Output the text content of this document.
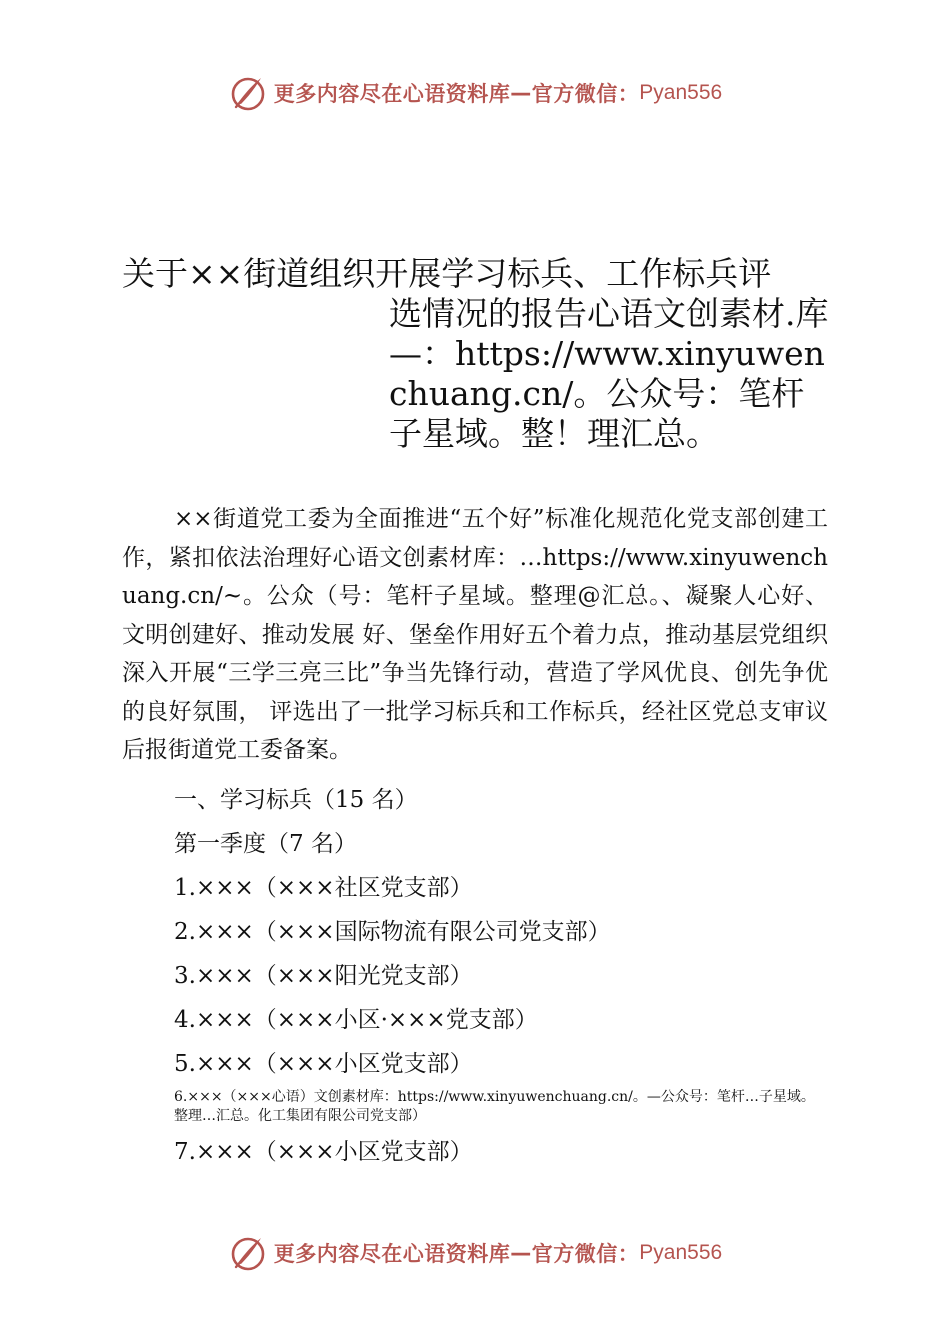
更多内容尽在心语资料库 — 官方微信： Pyan556
关于××街道组织开展学习标兵、工作标兵评
选情况的报告心语文创素材.库—：https://www.xinyuwenchuang.cn/。公众号：笔杆子星域。整！理汇总。

××街道党工委为全面推进“五个好”标准化规范化党支部创建工作，紧扣依法治理好心语文创素材库：…https://www.xinyuwenchuang.cn/~。公众（号：笔杆子星域。整理@汇总。、凝聚人心好、文明创建好、推动发展 好、堡垒作用好五个着力点，推动基层党组织深入开展“三学三亮三比”争当先锋行动，营造了学风优良、创先争优的良好氛围， 评选出了一批学习标兵和工作标兵，经社区党总支审议后报街道党工委备案。

一、学习标兵（15 名）

第一季度（7 名）

1.×××（×××社区党支部）

2.×××（×××国际物流有限公司党支部）

3.×××（×××阳光党支部）

4.×××（×××小区·×××党支部）

5.×××（×××小区党支部）

6.×××（×××心语）文创素材库：https://www.xinyuwenchuang.cn/。—公众号：笔杆…子星域。整理…汇总。化工集团有限公司党支部）

7.×××（×××小区党支部）

更多内容尽在心语资料库 — 官方微信： Pyan556
